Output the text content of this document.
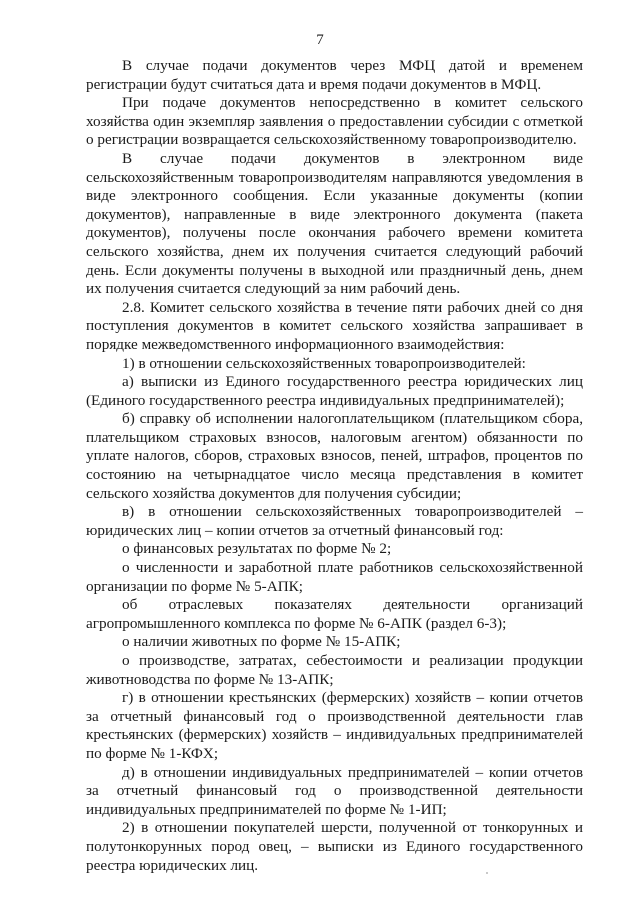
7

В случае подачи документов через МФЦ датой и временем регистрации будут считаться дата и время подачи документов в МФЦ.

При подаче документов непосредственно в комитет сельского хозяйства один экземпляр заявления о предоставлении субсидии с отметкой о регистрации возвращается сельскохозяйственному товаропроизводителю.

В случае подачи документов в электронном виде сельскохозяйственным товаропроизводителям направляются уведомления в виде электронного сообщения. Если указанные документы (копии документов), направленные в виде электронного документа (пакета документов), получены после окончания рабочего времени комитета сельского хозяйства, днем их получения считается следующий рабочий день. Если документы получены в выходной или праздничный день, днем их получения считается следующий за ним рабочий день.

2.8. Комитет сельского хозяйства в течение пяти рабочих дней со дня поступления документов в комитет сельского хозяйства запрашивает в порядке межведомственного информационного взаимодействия:

1) в отношении сельскохозяйственных товаропроизводителей:

а) выписки из Единого государственного реестра юридических лиц (Единого государственного реестра индивидуальных предпринимателей);

б) справку об исполнении налогоплательщиком (плательщиком сбора, плательщиком страховых взносов, налоговым агентом) обязанности по уплате налогов, сборов, страховых взносов, пеней, штрафов, процентов по состоянию на четырнадцатое число месяца представления в комитет сельского хозяйства документов для получения субсидии;

в) в отношении сельскохозяйственных товаропроизводителей – юридических лиц – копии отчетов за отчетный финансовый год:

о финансовых результатах по форме № 2;

о численности и заработной плате работников сельскохозяйственной организации по форме № 5-АПК;

об отраслевых показателях деятельности организаций агропромышленного комплекса по форме № 6-АПК (раздел 6-3);

о наличии животных по форме № 15-АПК;

о производстве, затратах, себестоимости и реализации продукции животноводства по форме № 13-АПК;

г) в отношении крестьянских (фермерских) хозяйств – копии отчетов за отчетный финансовый год о производственной деятельности глав крестьянских (фермерских) хозяйств – индивидуальных предпринимателей по форме № 1-КФХ;

д) в отношении индивидуальных предпринимателей – копии отчетов за отчетный финансовый год о производственной деятельности индивидуальных предпринимателей по форме № 1-ИП;

2) в отношении покупателей шерсти, полученной от тонкорунных и полутонкорунных пород овец, – выписки из Единого государственного реестра юридических лиц.
